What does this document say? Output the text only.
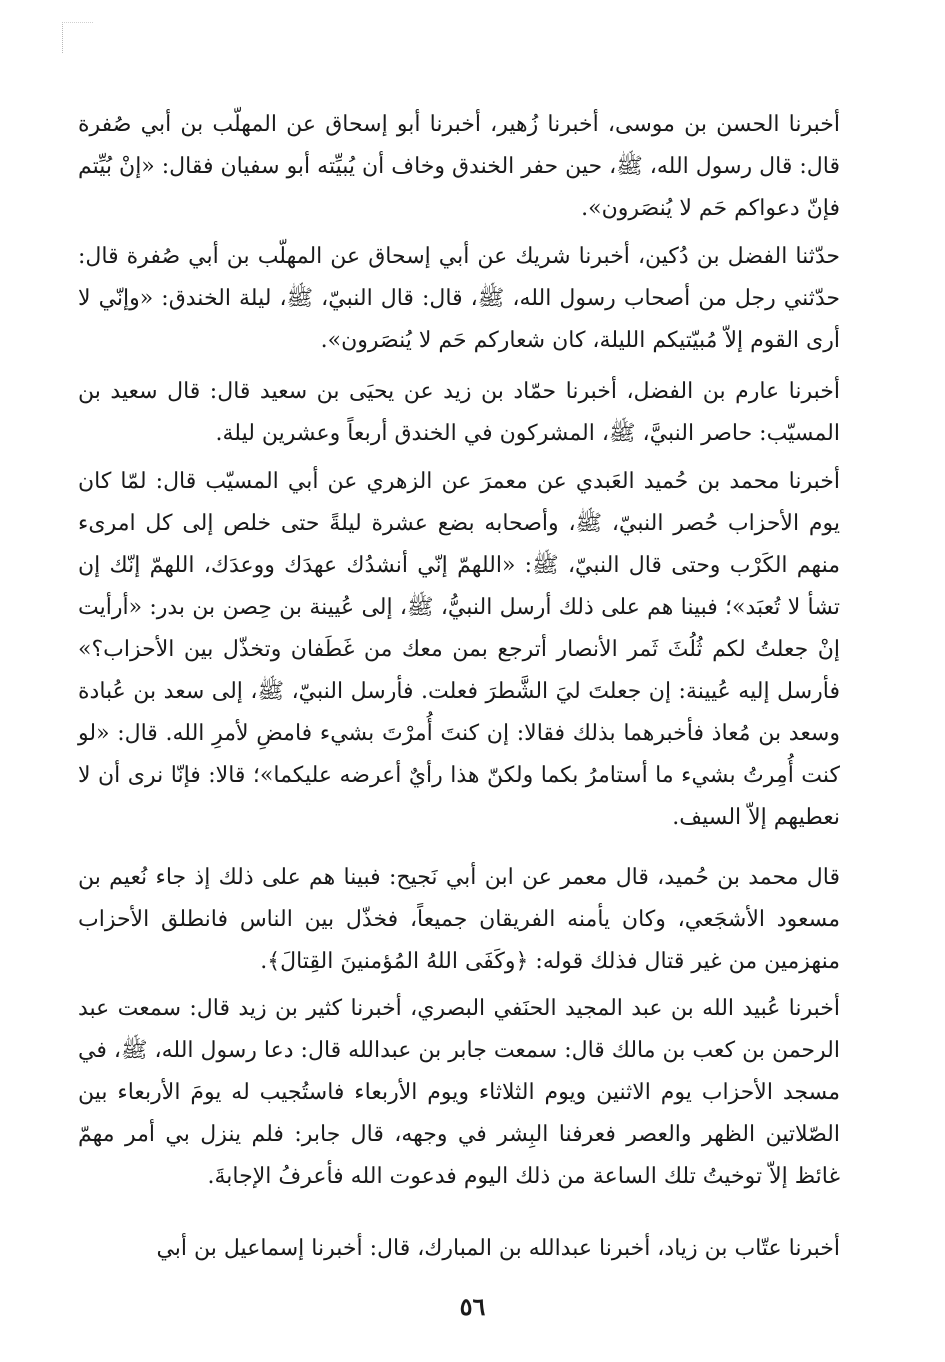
أخبرنا الحسن بن موسى، أخبرنا زُهير، أخبرنا أبو إسحاق عن المهلّب بن أبي صُفرة قال: قال رسول الله، ﷺ، حين حفر الخندق وخاف أن يُبيِّته أبو سفيان فقال: «إنْ بُيِّتم فإنّ دعواكم حَم لا يُنصَرون».

حدّثنا الفضل بن دُكين، أخبرنا شريك عن أبي إسحاق عن المهلّب بن أبي صُفرة قال: حدّثني رجل من أصحاب رسول الله، ﷺ، قال: قال النبيّ، ﷺ، ليلة الخندق: «وإنّي لا أرى القوم إلاّ مُبيّتيكم الليلة، كان شعاركم حَم لا يُنصَرون».

أخبرنا عارم بن الفضل، أخبرنا حمّاد بن زيد عن يحيَى بن سعيد قال: قال سعيد بن المسيّب: حاصر النبيَّ، ﷺ، المشركون في الخندق أربعاً وعشرين ليلة.

أخبرنا محمد بن حُميد العَبدي عن معمرَ عن الزهري عن أبي المسيّب قال: لمّا كان يوم الأحزاب حُصر النبيّ، ﷺ، وأصحابه بضع عشرة ليلةً حتى خلص إلى كل امرىء منهم الكَرْب وحتى قال النبيّ، ﷺ: «اللهمّ إنّي أنشدُك عهدَك ووعدَك، اللهمّ إنّك إن تشأ لا تُعبَد»؛ فبينا هم على ذلك أرسل النبيُّ، ﷺ، إلى عُيينة بن حِصن بن بدر: «أرأيت إنْ جعلتُ لكم ثُلُثَ ثَمر الأنصار أترجع بمن معك من غَطَفان وتخذّل بين الأحزاب؟» فأرسل إليه عُيينة: إن جعلتَ ليَ الشَّطرَ فعلت. فأرسل النبيّ، ﷺ، إلى سعد بن عُبادة وسعد بن مُعاذ فأخبرهما بذلك فقالا: إن كنتَ أُمرْتَ بشيء فامضِ لأمرِ الله. قال: «لو كنت أُمِرتُ بشيء ما أستامرُ بكما ولكنّ هذا رأيٌ أعرضه عليكما»؛ قالا: فإنّا نرى أن لا نعطيهم إلاّ السيف.

قال محمد بن حُميد، قال معمر عن ابن أبي نَجيح: فبينا هم على ذلك إذ جاء نُعيم بن مسعود الأشجَعي، وكان يأمنه الفريقان جميعاً، فخذّل بين الناس فانطلق الأحزاب منهزمين من غير قتال فذلك قوله: ﴿وكَفَى اللهُ المُؤمنينَ القِتالَ﴾.

أخبرنا عُبيد الله بن عبد المجيد الحنَفي البصري، أخبرنا كثير بن زيد قال: سمعت عبد الرحمن بن كعب بن مالك قال: سمعت جابر بن عبدالله قال: دعا رسول الله، ﷺ، في مسجد الأحزاب يوم الاثنين ويوم الثلاثاء ويوم الأربعاء فاستُجيب له يومَ الأربعاء بين الصّلاتين الظهر والعصر فعرفنا البِشر في وجهه، قال جابر: فلم ينزل بي أمر مهمّ غائظ إلاّ توخيتُ تلك الساعة من ذلك اليوم فدعوت الله فأعرفُ الإجابةَ.

أخبرنا عتّاب بن زياد، أخبرنا عبدالله بن المبارك، قال: أخبرنا إسماعيل بن أبي

٥٦
